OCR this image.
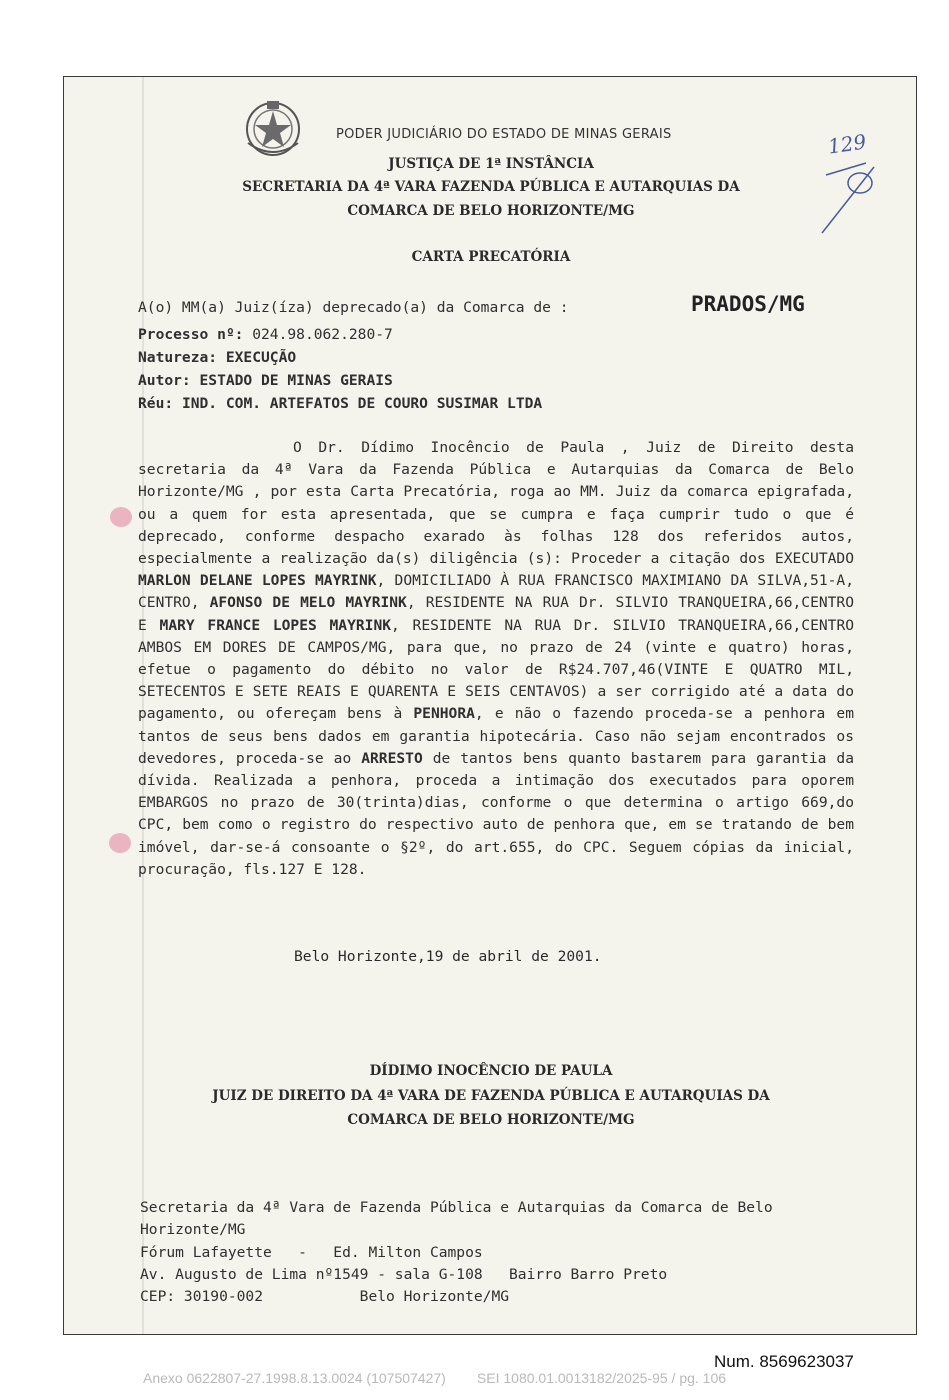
PODER JUDICIÁRIO DO ESTADO DE MINAS GERAIS
JUSTIÇA DE 1ª INSTÂNCIA
SECRETARIA DA 4ª VARA FAZENDA PÚBLICA E AUTARQUIAS DA
COMARCA DE BELO HORIZONTE/MG
CARTA PRECATÓRIA
129
A(o) MM(a) Juiz(íza) deprecado(a) da Comarca de :	PRADOS/MG
Processo nº: 024.98.062.280-7
Natureza: EXECUÇÃO
Autor: ESTADO DE MINAS GERAIS
Réu: IND. COM. ARTEFATOS DE COURO SUSIMAR LTDA

O Dr. Dídimo Inocêncio de Paula , Juiz de Direito desta secretaria da 4ª Vara da Fazenda Pública e Autarquias da Comarca de Belo Horizonte/MG , por esta Carta Precatória, roga ao MM. Juiz da comarca epigrafada, ou a quem for esta apresentada, que se cumpra e faça cumprir tudo o que é deprecado, conforme despacho exarado às folhas 128 dos referidos autos, especialmente a realização da(s) diligência (s): Proceder a citação dos EXECUTADO MARLON DELANE LOPES MAYRINK, DOMICILIADO À RUA FRANCISCO MAXIMIANO DA SILVA,51-A, CENTRO, AFONSO DE MELO MAYRINK, RESIDENTE NA RUA Dr. SILVIO TRANQUEIRA,66,CENTRO E MARY FRANCE LOPES MAYRINK, RESIDENTE NA RUA Dr. SILVIO TRANQUEIRA,66,CENTRO AMBOS EM DORES DE CAMPOS/MG, para que, no prazo de 24 (vinte e quatro) horas, efetue o pagamento do débito no valor de R$24.707,46(VINTE E QUATRO MIL, SETECENTOS E SETE REAIS E QUARENTA E SEIS CENTAVOS) a ser corrigido até a data do pagamento, ou ofereçam bens à PENHORA, e não o fazendo proceda-se a penhora em tantos de seus bens dados em garantia hipotecária. Caso não sejam encontrados os devedores, proceda-se ao ARRESTO de tantos bens quanto bastarem para garantia da dívida. Realizada a penhora, proceda a intimação dos executados para oporem EMBARGOS no prazo de 30(trinta)dias, conforme o que determina o artigo 669,do CPC, bem como o registro do respectivo auto de penhora que, em se tratando de bem imóvel, dar-se-á consoante o §2º, do art.655, do CPC. Seguem cópias da inicial, procuração, fls.127 E 128.

Belo Horizonte,19 de abril de 2001.
DÍDIMO INOCÊNCIO DE PAULA
JUIZ DE DIREITO DA 4ª VARA DE FAZENDA PÚBLICA E AUTARQUIAS DA
COMARCA DE BELO HORIZONTE/MG
Secretaria da 4ª Vara de Fazenda Pública e Autarquias da Comarca de Belo
Horizonte/MG
Fórum Lafayette   -   Ed. Milton Campos
Av. Augusto de Lima nº1549 - sala G-108   Bairro Barro Preto
CEP: 30190-002           Belo Horizonte/MG
Num. 8569623037
Anexo 0622807-27.1998.8.13.0024 (107507427)        SEI 1080.01.0013182/2025-95 / pg. 106
